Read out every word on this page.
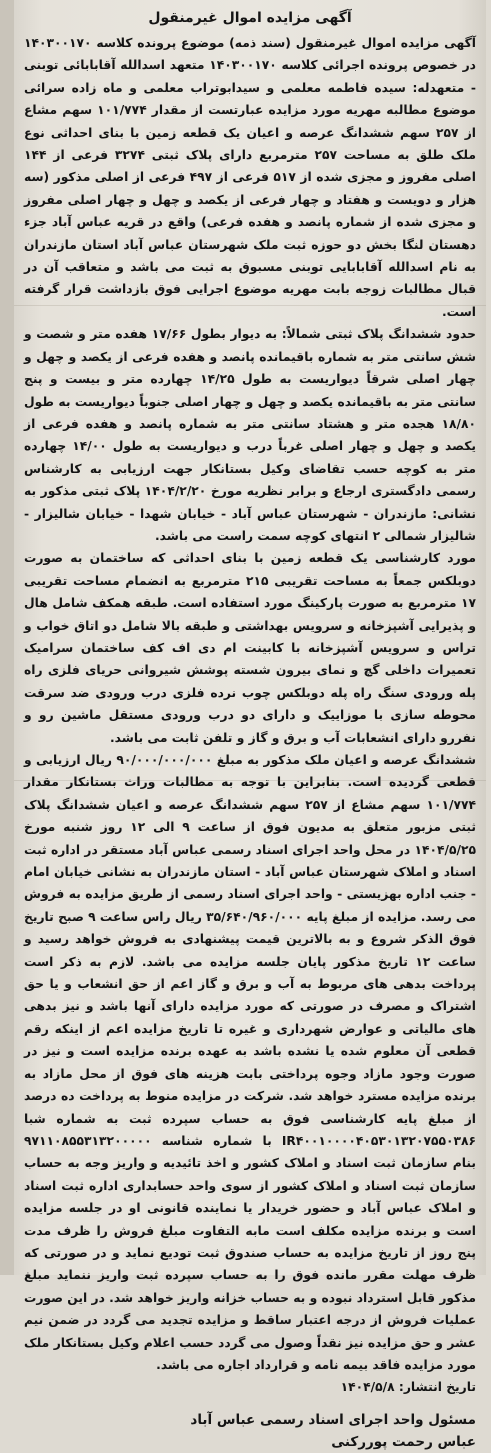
آگهی مزایده اموال غیرمنقول

آگهی مزایده اموال غیرمنقول (سند ذمه) موضوع پرونده کلاسه ۱۴۰۳۰۰۱۷۰ در خصوص پرونده اجرائی کلاسه ۱۴۰۳۰۰۱۷۰ متعهد اسدالله آقابابائی توبنی - متعهدله: سیده فاطمه معلمی و سیدابوتراب معلمی و ماه زاده سرائی موضوع مطالبه مهریه مورد مزایده عبارتست از مقدار ۱۰۱/۷۷۴ سهم مشاع از ۲۵۷ سهم ششدانگ عرصه و اعیان یک قطعه زمین با بنای احداثی نوع ملک طلق به مساحت ۲۵۷ مترمربع دارای پلاک ثبتی ۳۲۷۴ فرعی از ۱۴۴ اصلی مفروز و مجزی شده از ۵۱۷ فرعی از ۴۹۷ فرعی از اصلی مذکور (سه هزار و دویست و هفتاد و چهار فرعی از یکصد و چهل و چهار اصلی مفروز و مجزی شده از شماره پانصد و هفده فرعی) واقع در قریه عباس آباد جزء دهستان لنگا بخش دو حوزه ثبت ملک شهرستان عباس آباد استان مازندران به نام اسدالله آقابابایی توبنی مسبوق به ثبت می باشد و متعاقب آن در قبال مطالبات زوجه بابت مهریه موضوع اجرایی فوق بازداشت قرار گرفته است.

حدود ششدانگ پلاک ثبتی شمالاً: به دیوار بطول ۱۷/۶۶ هفده متر و شصت و شش سانتی متر به شماره باقیمانده پانصد و هفده فرعی از یکصد و چهل و چهار اصلی شرقاً دیواریست به طول ۱۴/۲۵ چهارده متر و بیست و پنج سانتی متر به باقیمانده یکصد و چهل و چهار اصلی جنوباً دیواریست به طول ۱۸/۸۰ هجده متر و هشتاد سانتی متر به شماره پانصد و هفده فرعی از یکصد و چهل و چهار اصلی غرباً درب و دیواریست به طول ۱۴/۰۰ چهارده متر به کوچه حسب تقاضای وکیل بستانکار جهت ارزیابی به کارشناس رسمی دادگستری ارجاع و برابر نظریه مورخ ۱۴۰۴/۲/۲۰ پلاک ثبتی مذکور به نشانی: مازندران - شهرستان عباس آباد - خیابان شهدا - خیابان شالیزار - شالیزار شمالی ۲ انتهای کوچه سمت راست می باشد.

مورد کارشناسی یک قطعه زمین با بنای احداثی که ساختمان به صورت دوبلکس جمعاً به مساحت تقریبی ۲۱۵ مترمربع به انضمام مساحت تقریبی ۱۷ مترمربع به صورت پارکینگ مورد استفاده است. طبقه همکف شامل هال و پذیرایی آشپزخانه و سرویس بهداشتی و طبقه بالا شامل دو اتاق خواب و تراس و سرویس آشپزخانه با کابینت ام دی اف کف ساختمان سرامیک تعمیرات داخلی گچ و نمای بیرون شسته پوشش شیروانی حریای فلزی راه پله ورودی سنگ راه پله دوبلکس چوب نرده فلزی درب ورودی ضد سرقت محوطه سازی با موزاییک و دارای دو درب ورودی مستقل ماشین رو و نفررو دارای انشعابات آب و برق و گاز و تلفن ثابت می باشد.

ششدانگ عرصه و اعیان ملک مذکور به مبلغ ۹۰/۰۰۰/۰۰۰/۰۰۰ ریال ارزیابی و قطعی گردیده است. بنابراین با توجه به مطالبات وراث بستانکار مقدار ۱۰۱/۷۷۴ سهم مشاع از ۲۵۷ سهم ششدانگ عرصه و اعیان ششدانگ پلاک ثبتی مزبور متعلق به مدیون فوق از ساعت ۹ الی ۱۲ روز شنبه مورخ ۱۴۰۴/۵/۲۵ در محل واحد اجرای اسناد رسمی عباس آباد مستقر در اداره ثبت اسناد و املاک شهرستان عباس آباد - استان مازندران به نشانی خیابان امام - جنب اداره بهزیستی - واحد اجرای اسناد رسمی از طریق مزایده به فروش می رسد. مزایده از مبلغ پایه ۳۵/۶۴۰/۹۶۰/۰۰۰ ریال راس ساعت ۹ صبح تاریخ فوق الذکر شروع و به بالاترین قیمت پیشنهادی به فروش خواهد رسید و ساعت ۱۲ تاریخ مذکور پایان جلسه مزایده می باشد. لازم به ذکر است پرداخت بدهی های مربوط به آب و برق و گاز اعم از حق انشعاب و یا حق اشتراک و مصرف در صورتی که مورد مزایده دارای آنها باشد و نیز بدهی های مالیاتی و عوارض شهرداری و غیره تا تاریخ مزایده اعم از اینکه رقم قطعی آن معلوم شده یا نشده باشد به عهده برنده مزایده است و نیز در صورت وجود مازاد وجوه پرداختی بابت هزینه های فوق از محل مازاد به برنده مزایده مسترد خواهد شد. شرکت در مزایده منوط به پرداخت ده درصد از مبلغ پایه کارشناسی فوق به حساب سپرده ثبت به شماره شبا IR۴۰۰۱۰۰۰۰۴۰۵۳۰۱۳۲۰۷۵۵۰۳۸۶ با شماره شناسه ۹۷۱۱۰۸۵۵۳۱۳۲۰۰۰۰۰ بنام سازمان ثبت اسناد و املاک کشور و اخذ تائیدیه و واریز وجه به حساب سازمان ثبت اسناد و املاک کشور از سوی واحد حسابداری اداره ثبت اسناد و املاک عباس آباد و حضور خریدار یا نماینده قانونی او در جلسه مزایده است و برنده مزایده مکلف است مابه التفاوت مبلغ فروش را ظرف مدت پنج روز از تاریخ مزایده به حساب صندوق ثبت تودیع نماید و در صورتی که ظرف مهلت مقرر مانده فوق را به حساب سپرده ثبت واریز ننماید مبلغ مذکور قابل استرداد نبوده و به حساب خزانه واریز خواهد شد. در این صورت عملیات فروش از درجه اعتبار ساقط و مزایده تجدید می گردد در ضمن نیم عشر و حق مزایده نیز نقداً وصول می گردد حسب اعلام وکیل بستانکار ملک مورد مزایده فاقد بیمه نامه و قرارداد اجاره می باشد.

تاریخ انتشار: ۱۴۰۴/۵/۸

مسئول واحد اجرای اسناد رسمی عباس آباد
عباس رحمت پوررکنی
